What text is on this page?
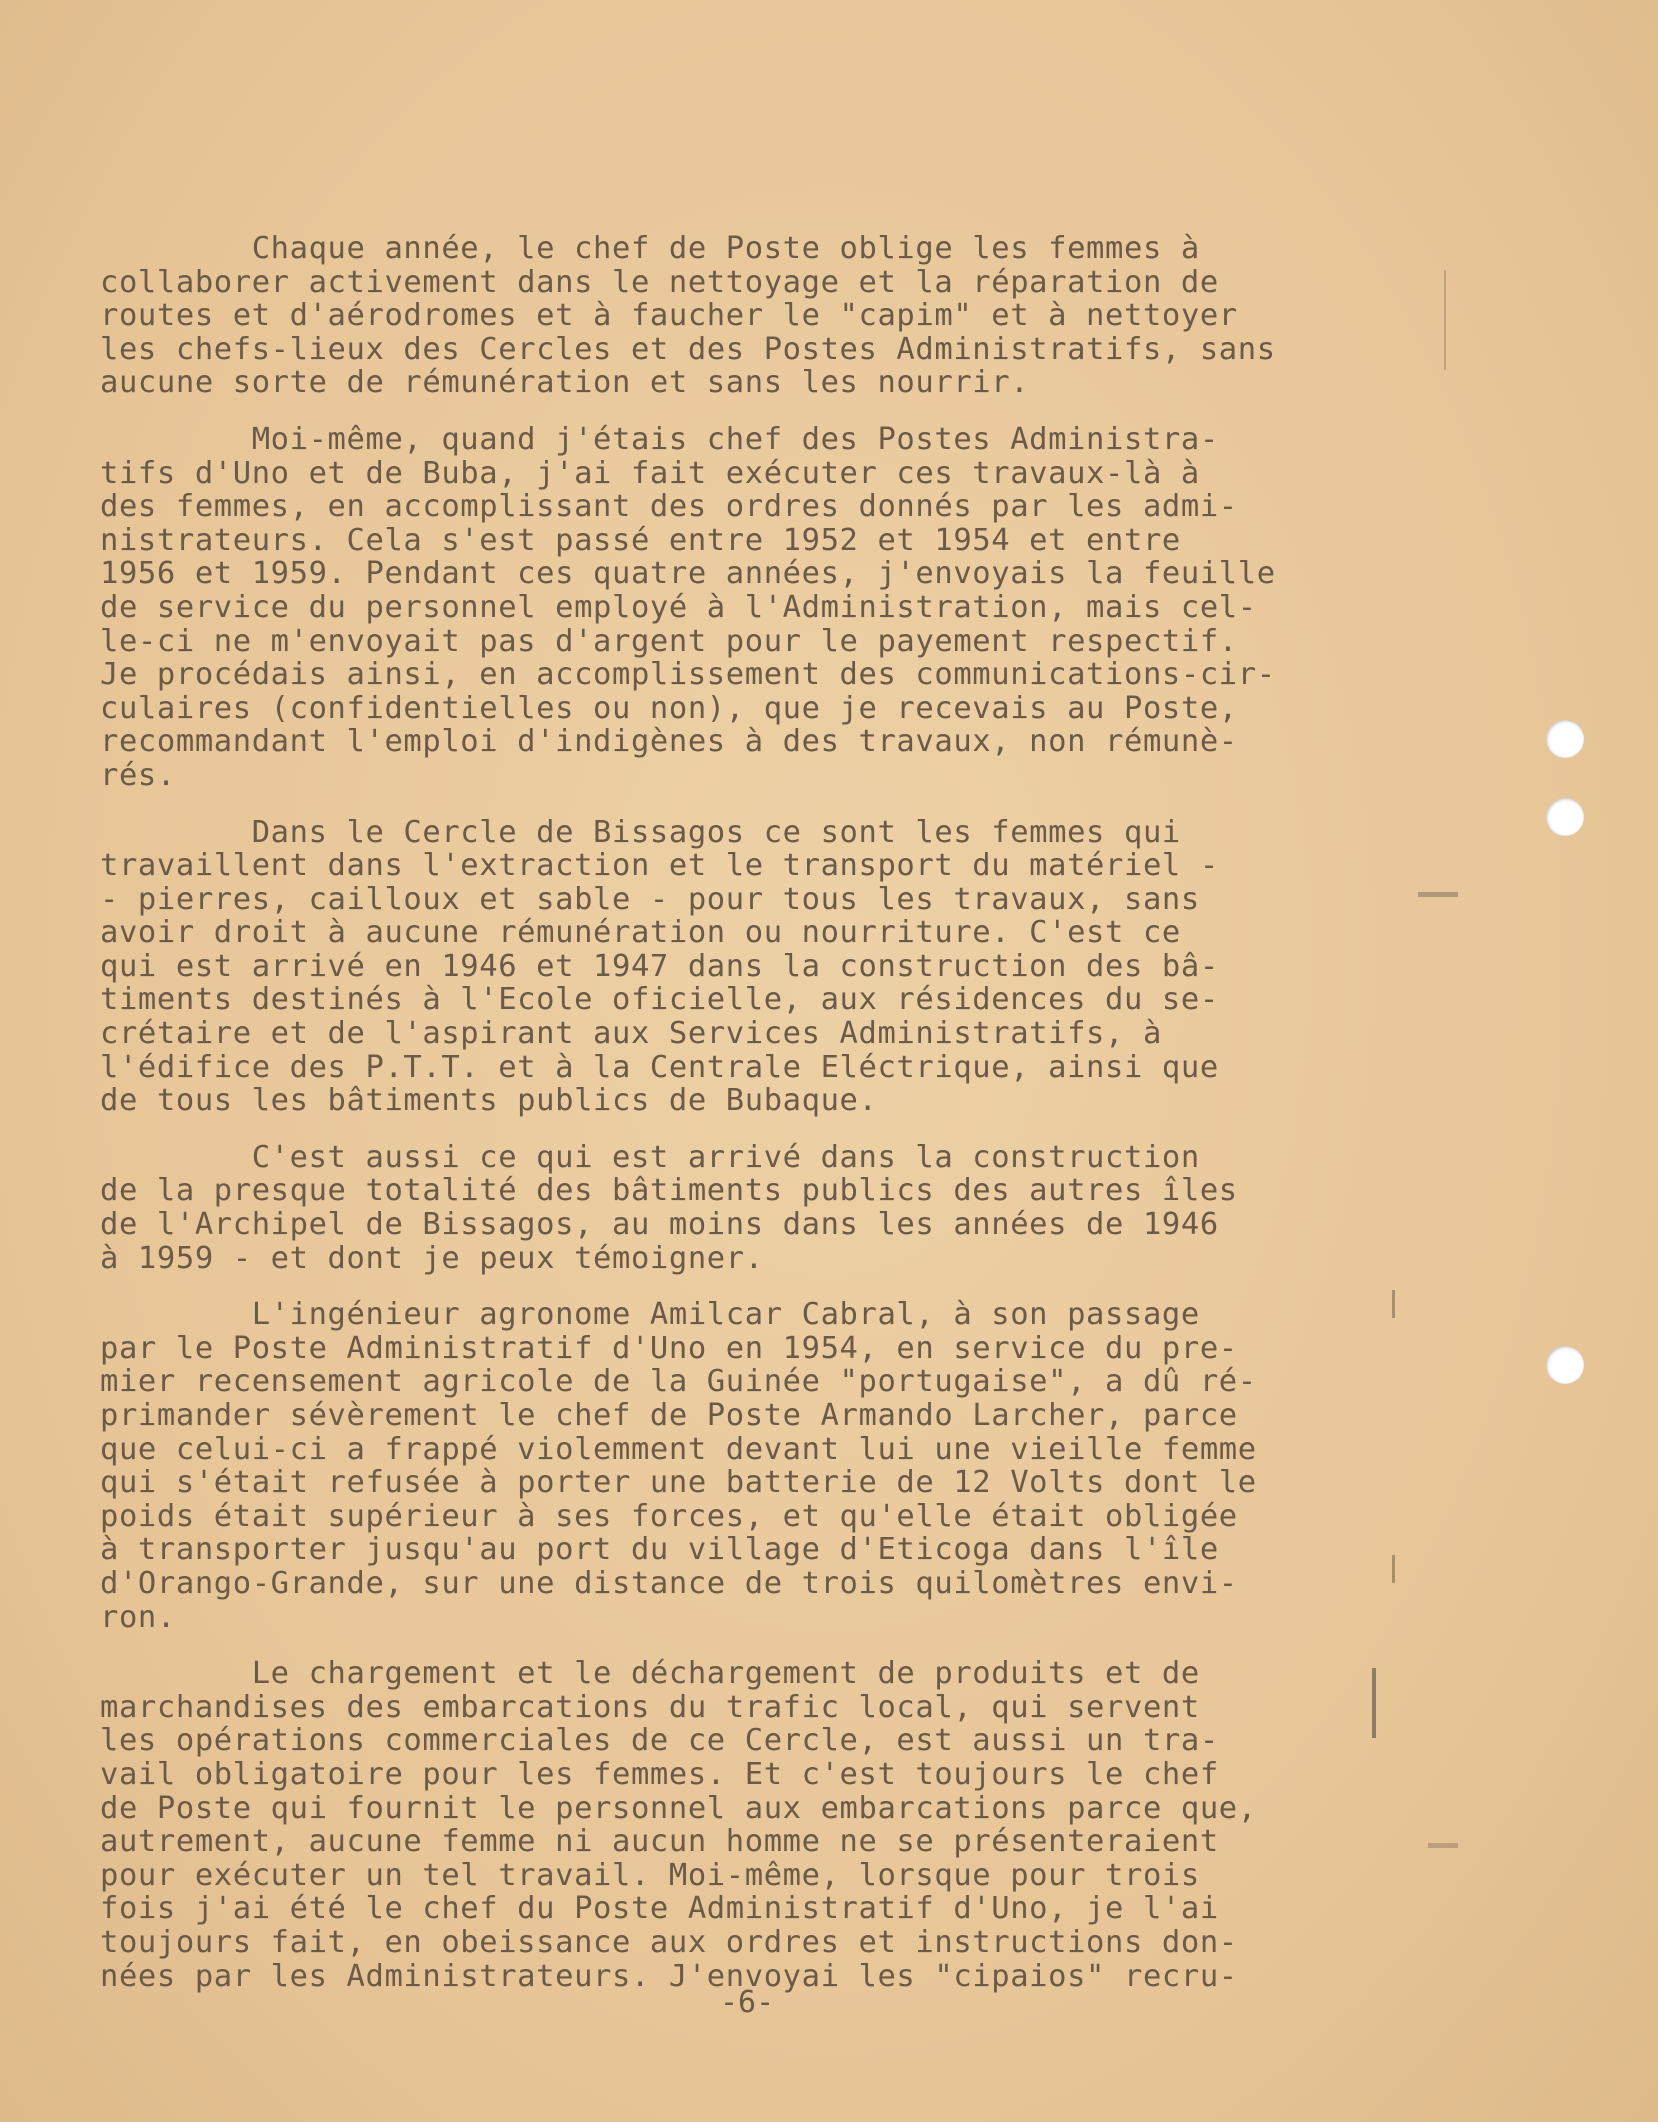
Chaque année, le chef de Poste oblige les femmes à
collaborer activement dans le nettoyage et la réparation de
routes et d'aérodromes et à faucher le "capim" et à nettoyer
les chefs-lieux des Cercles et des Postes Administratifs, sans
aucune sorte de rémunération et sans les nourrir.
Moi-même, quand j'étais chef des Postes Administra-
tifs d'Uno et de Buba, j'ai fait exécuter ces travaux-là à
des femmes, en accomplissant des ordres donnés par les admi-
nistrateurs. Cela s'est passé entre 1952 et 1954 et entre
1956 et 1959. Pendant ces quatre années, j'envoyais la feuille
de service du personnel employé à l'Administration, mais cel-
le-ci ne m'envoyait pas d'argent pour le payement respectif.
Je procédais ainsi, en accomplissement des communications-cir-
culaires (confidentielles ou non), que je recevais au Poste,
recommandant l'emploi d'indigènes à des travaux, non rémunè-
rés.
Dans le Cercle de Bissagos ce sont les femmes qui
travaillent dans l'extraction et le transport du matériel -
- pierres, cailloux et sable - pour tous les travaux, sans
avoir droit à aucune rémunération ou nourriture. C'est ce
qui est arrivé en 1946 et 1947 dans la construction des bâ-
timents destinés à l'Ecole oficielle, aux résidences du se-
crétaire et de l'aspirant aux Services Administratifs, à
l'édifice des P.T.T. et à la Centrale Eléctrique, ainsi que
de tous les bâtiments publics de Bubaque.
C'est aussi ce qui est arrivé dans la construction
de la presque totalité des bâtiments publics des autres îles
de l'Archipel de Bissagos, au moins dans les années de 1946
à 1959 - et dont je peux témoigner.
L'ingénieur agronome Amilcar Cabral, à son passage
par le Poste Administratif d'Uno en 1954, en service du pre-
mier recensement agricole de la Guinée "portugaise", a dû ré-
primander sévèrement le chef de Poste Armando Larcher, parce
que celui-ci a frappé violemment devant lui une vieille femme
qui s'était refusée à porter une batterie de 12 Volts dont le
poids était supérieur à ses forces, et qu'elle était obligée
à transporter jusqu'au port du village d'Eticoga dans l'île
d'Orango-Grande, sur une distance de trois quilomètres envi-
ron.
Le chargement et le déchargement de produits et de
marchandises des embarcations du trafic local, qui servent
les opérations commerciales de ce Cercle, est aussi un tra-
vail obligatoire pour les femmes. Et c'est toujours le chef
de Poste qui fournit le personnel aux embarcations parce que,
autrement, aucune femme ni aucun homme ne se présenteraient
pour exécuter un tel travail. Moi-même, lorsque pour trois
fois j'ai été le chef du Poste Administratif d'Uno, je l'ai
toujours fait, en obeissance aux ordres et instructions don-
nées par les Administrateurs. J'envoyai les "cipaios" recru-
-6-
